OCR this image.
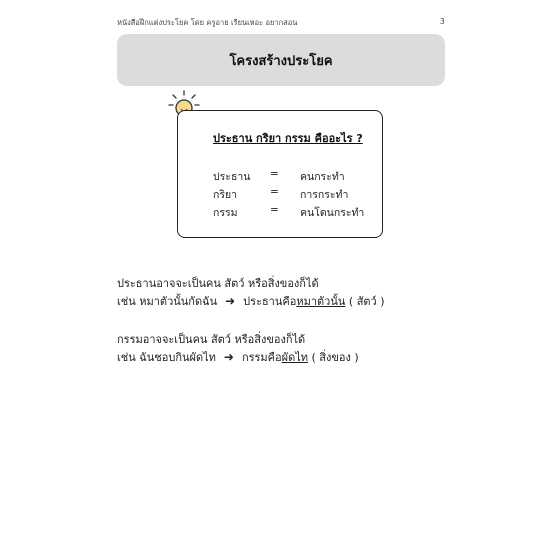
หนังสือฝึกแต่งประโยค โดย ครูอาย เรียนเหอะ อยากสอน	3
โครงสร้างประโยค
ประธาน กริยา กรรม คืออะไร ?
ประธาน = คนกระทำ
กริยา	= การกระทำ
กรรม	= คนโดนกระทำ
ประธานอาจจะเป็นคน สัตว์ หรือสิ่งของก็ได้
เช่น
หมาตัวนั้นกัดฉัน ➜ ประธานคือ หมาตัวนั้น
( สัตว์ )
กรรมอาจจะเป็นคน สัตว์ หรือสิ่งของก็ได้
เช่น
ฉันชอบกินผัดไท ➜ กรรมคือ ผัดไท
( สิ่งของ )
